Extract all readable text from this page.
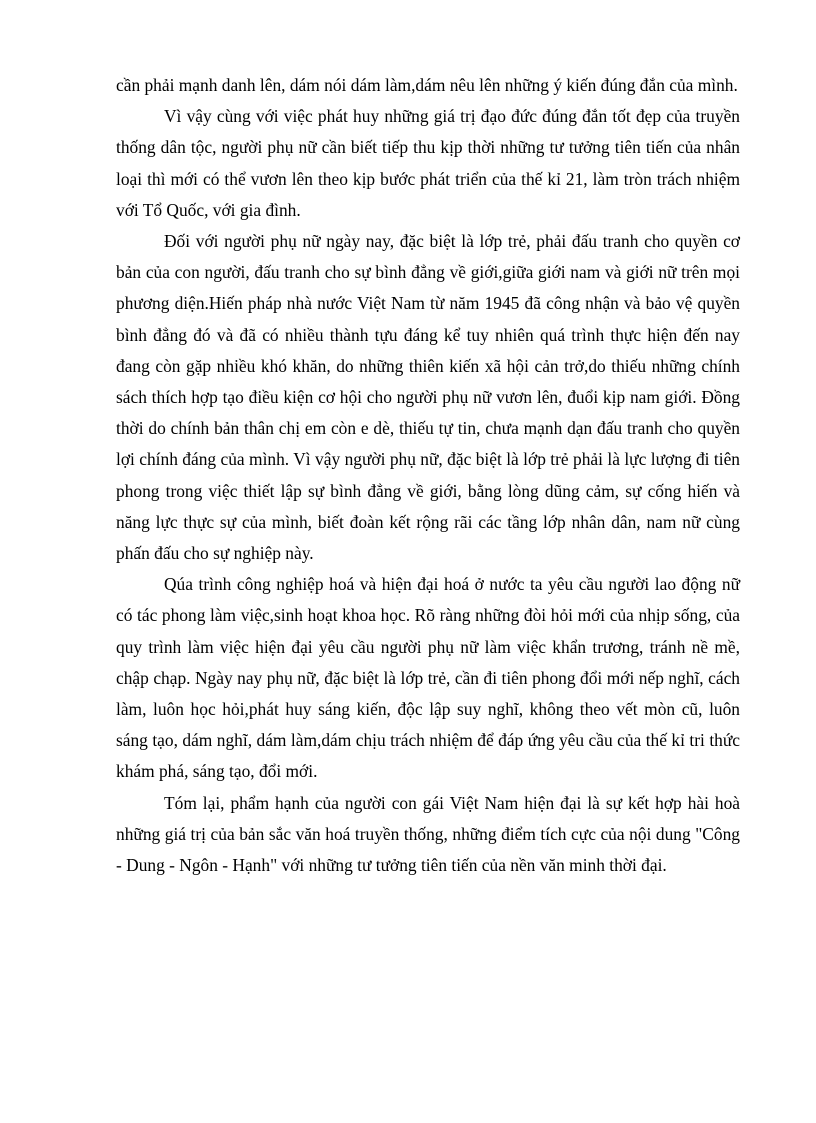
cần phải mạnh danh lên, dám nói dám làm,dám nêu lên những ý kiến đúng đắn của mình.

Vì vậy cùng với việc phát huy những giá trị đạo đức đúng đắn tốt đẹp của truyền thống dân tộc, người phụ nữ cần biết tiếp thu kịp thời những tư tưởng tiên tiến của nhân loại thì mới có thể vươn lên theo kịp bước phát triển của thế kỉ 21, làm tròn trách nhiệm với Tổ Quốc, với gia đình.

Đối với người phụ nữ ngày nay, đặc biệt là lớp trẻ, phải đấu tranh cho quyền cơ bản của con người, đấu tranh cho sự bình đẳng về giới,giữa giới nam và giới nữ trên mọi phương diện.Hiến pháp nhà nước Việt Nam từ năm 1945 đã công nhận và bảo vệ quyền bình đẳng đó và đã có nhiều thành tựu đáng kể tuy nhiên quá trình thực hiện đến nay đang còn gặp nhiều khó khăn, do những thiên kiến xã hội cản trở,do thiếu những chính sách thích hợp tạo điều kiện cơ hội cho người phụ nữ vươn lên, đuổi kịp nam giới. Đồng thời do chính bản thân chị em còn e dè, thiếu tự tin, chưa mạnh dạn đấu tranh cho quyền lợi chính đáng của mình. Vì vậy người phụ nữ, đặc biệt là lớp trẻ phải là lực lượng đi tiên phong trong việc thiết lập sự bình đẳng về giới, bằng lòng dũng cảm, sự cống hiến và năng lực thực sự của mình, biết đoàn kết rộng rãi các tầng lớp nhân dân, nam nữ cùng phấn đấu cho sự nghiệp này.

Qúa trình công nghiệp hoá và hiện đại hoá ở nước ta yêu cầu người lao động nữ có tác phong làm việc,sinh hoạt khoa học. Rõ ràng những đòi hỏi mới của nhịp sống, của quy trình làm việc hiện đại yêu cầu người phụ nữ làm việc khẩn trương, tránh nề mề, chập chạp. Ngày nay phụ nữ, đặc biệt là lớp trẻ, cần đi tiên phong đổi mới nếp nghĩ, cách làm, luôn học hỏi,phát huy sáng kiến, độc lập suy nghĩ, không theo vết mòn cũ, luôn sáng tạo, dám nghĩ, dám làm,dám chịu trách nhiệm để đáp ứng yêu cầu của thế kỉ tri thức khám phá, sáng tạo, đổi mới.

Tóm lại, phẩm hạnh của người con gái Việt Nam hiện đại là sự kết hợp hài hoà những giá trị của bản sắc văn hoá truyền thống, những điểm tích cực của nội dung "Công - Dung - Ngôn - Hạnh" với những tư tưởng tiên tiến của nền văn minh thời đại.
